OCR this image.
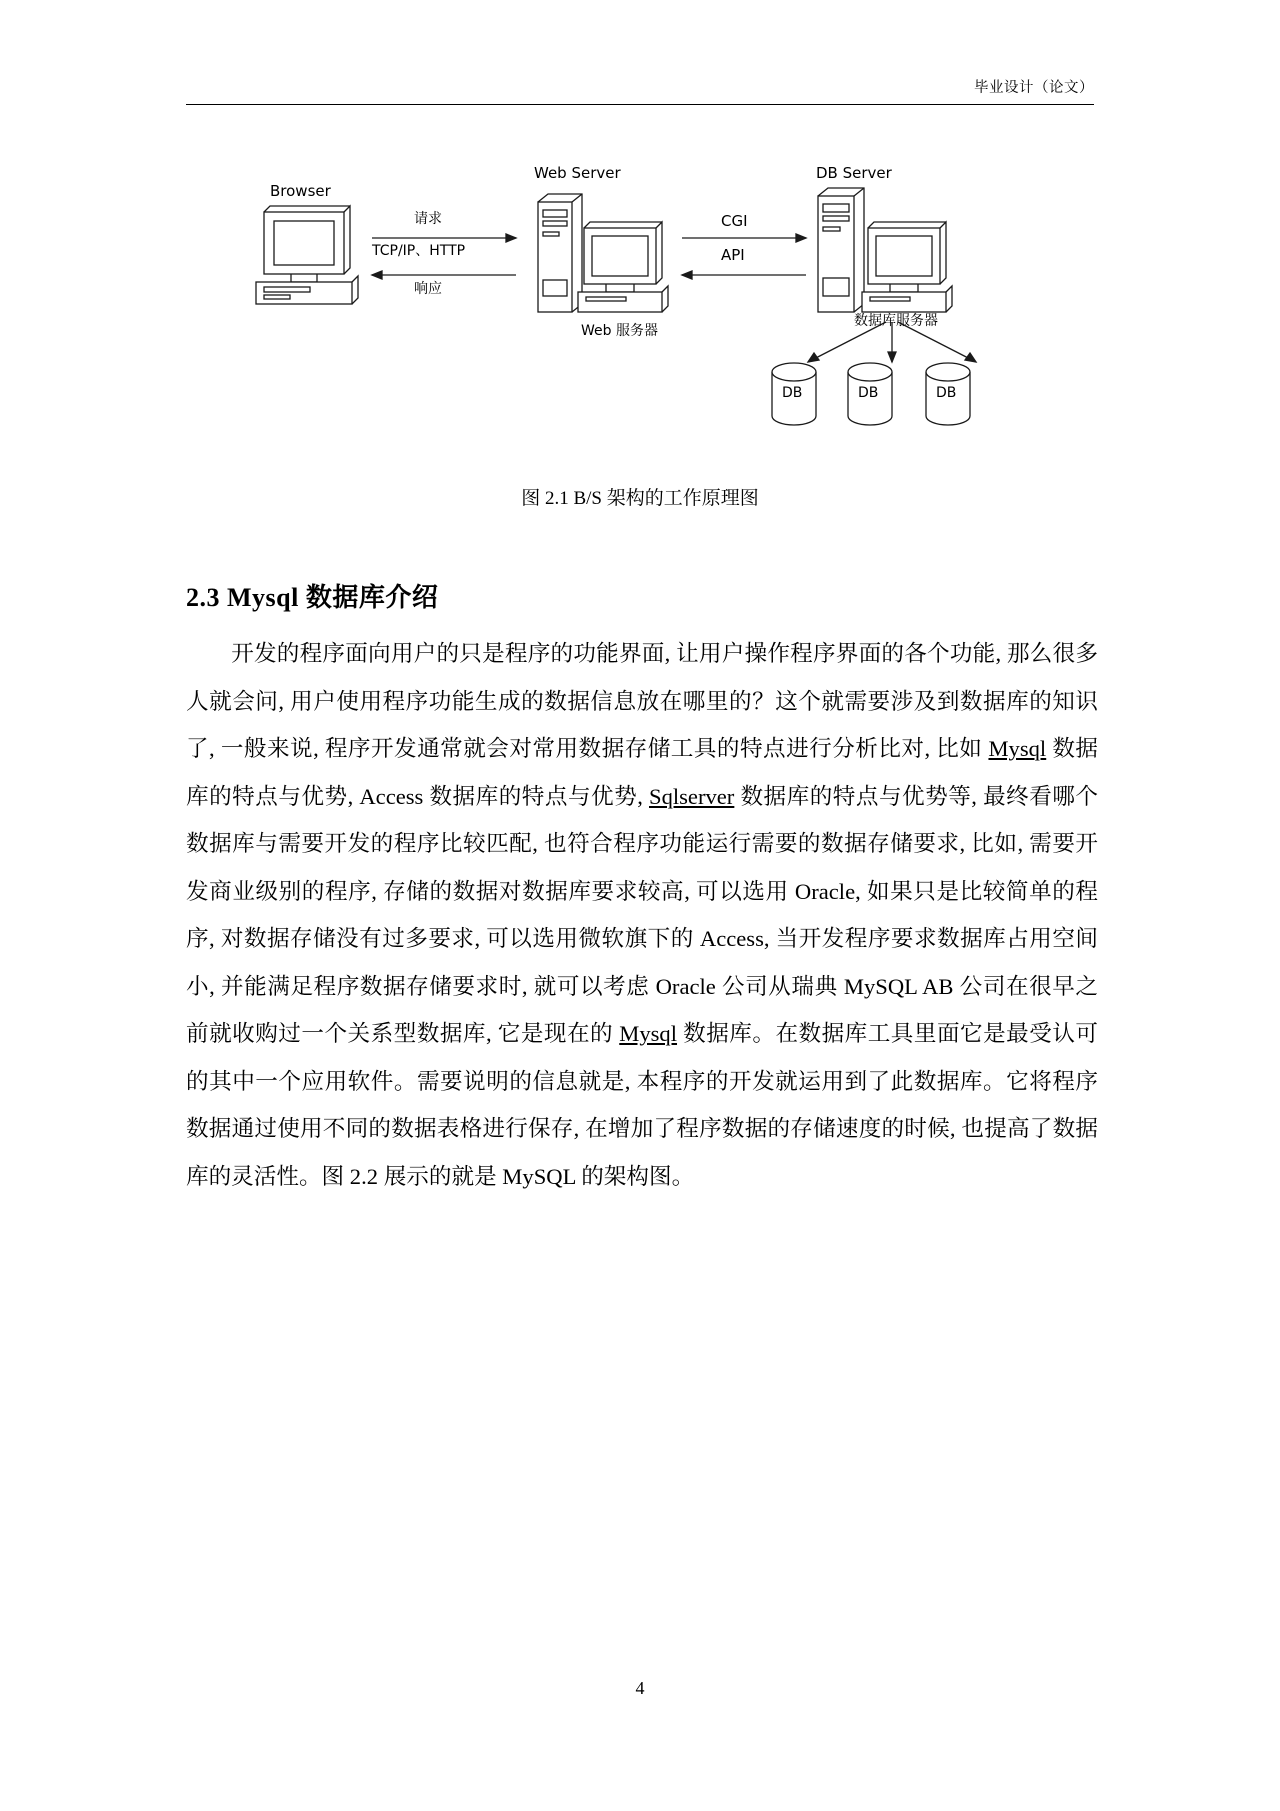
毕业设计（论文）
Browser
Web Server	DB Server
请求
TCP/IP、HTTP
响应
CGI
API
Web 服务器
数据库服务器
DB	DB	DB
图 2.1 B/S 架构的工作原理图
2.3 Mysql 数据库介绍
开发的程序面向用户的只是程序的功能界面, 让用户操作程序界面的各个功能, 那么很多人就会问, 用户使用程序功能生成的数据信息放在哪里的？这个就需要涉及到数据库的知识了, 一般来说, 程序开发通常就会对常用数据存储工具的特点进行分析比对, 比如 Mysql 数据库的特点与优势, Access 数据库的特点与优势, Sqlserver 数据库的特点与优势等, 最终看哪个数据库与需要开发的程序比较匹配, 也符合程序功能运行需要的数据存储要求, 比如, 需要开发商业级别的程序, 存储的数据对数据库要求较高, 可以选用 Oracle, 如果只是比较简单的程序, 对数据存储没有过多要求, 可以选用微软旗下的 Access, 当开发程序要求数据库占用空间小, 并能满足程序数据存储要求时, 就可以考虑 Oracle 公司从瑞典 MySQL AB 公司在很早之前就收购过一个关系型数据库, 它是现在的 Mysql 数据库。在数据库工具里面它是最受认可的其中一个应用软件。需要说明的信息就是, 本程序的开发就运用到了此数据库。它将程序数据通过使用不同的数据表格进行保存, 在增加了程序数据的存储速度的时候, 也提高了数据库的灵活性。图 2.2 展示的就是 MySQL 的架构图。
4
